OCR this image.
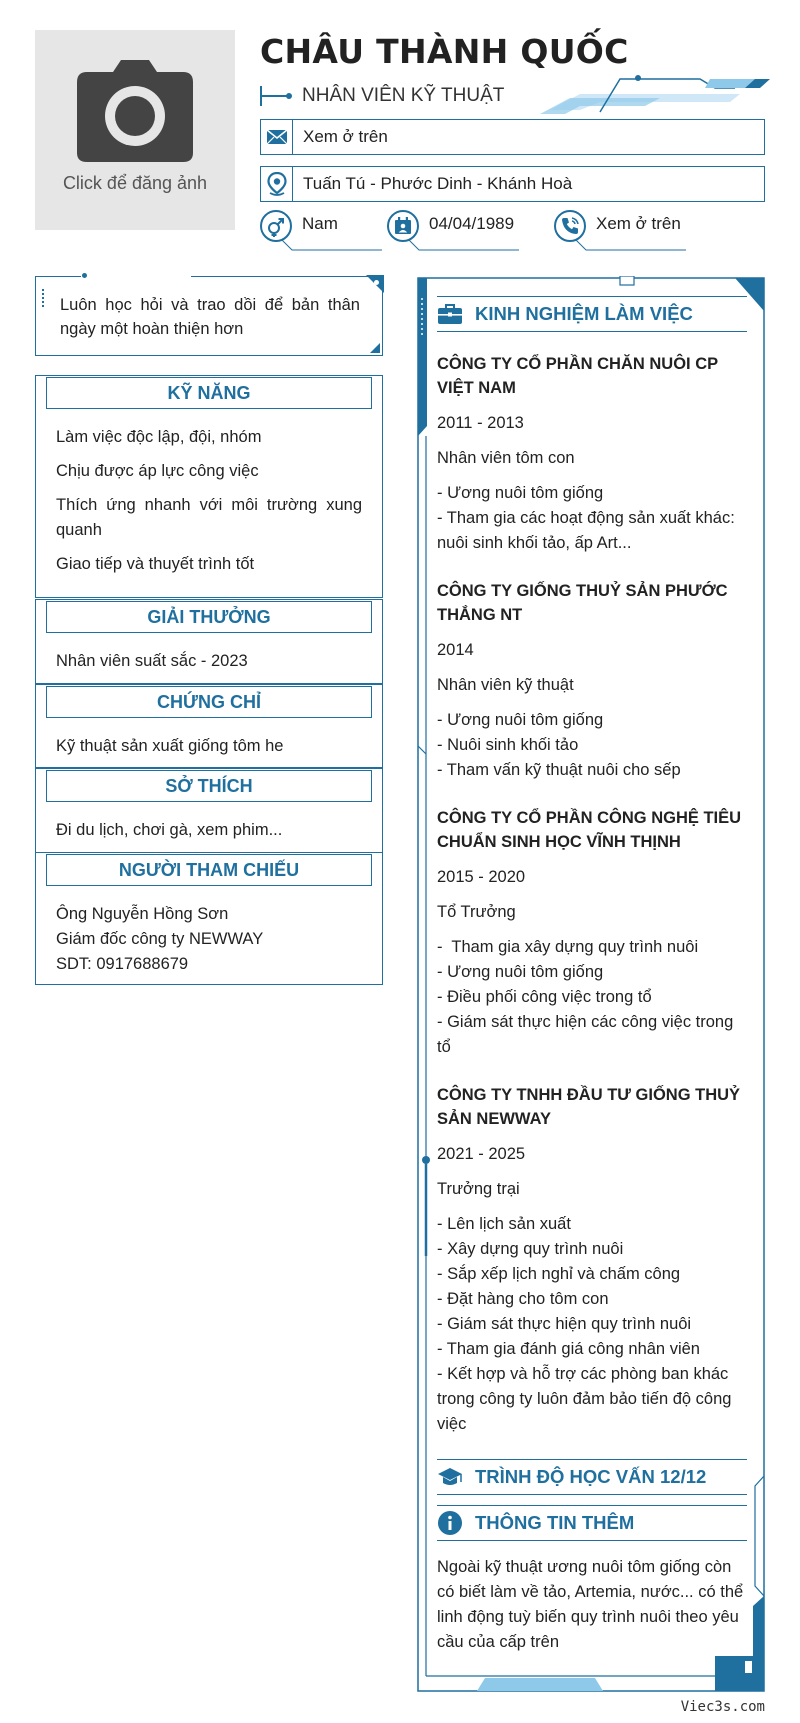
Click để đăng ảnh
CHÂU THÀNH QUỐC
NHÂN VIÊN KỸ THUẬT
Xem ở trên
Tuấn Tú - Phước Dinh - Khánh Hoà
Nam	04/04/1989	Xem ở trên
Luôn học hỏi và trao dồi để bản thân ngày một hoàn thiện hơn
KỸ NĂNG

Làm việc độc lập, đội, nhóm

Chịu được áp lực công việc

Thích ứng nhanh với môi trường xung quanh

Giao tiếp và thuyết trình tốt

GIẢI THƯỞNG

Nhân viên suất sắc - 2023

CHỨNG CHỈ

Kỹ thuật sản xuất giống tôm he

SỞ THÍCH

Đi du lịch, chơi gà, xem phim...

NGƯỜI THAM CHIẾU

Ông Nguyễn Hồng Sơn

Giám đốc công ty NEWWAY

SDT: 0917688679

KINH NGHIỆM LÀM VIỆC
CÔNG TY CỔ PHẦN CHĂN NUÔI CP VIỆT NAM
2011 - 2013
Nhân viên tôm con
- Ương nuôi tôm giống
- Tham gia các hoạt động sản xuất khác: nuôi sinh khối tảo, ấp Art...
CÔNG TY GIỐNG THUỶ SẢN PHƯỚC THẮNG NT
2014
Nhân viên kỹ thuật
- Ương nuôi tôm giống
- Nuôi sinh khối tảo
- Tham vấn kỹ thuật nuôi cho sếp
CÔNG TY CỔ PHẦN CÔNG NGHỆ TIÊU CHUẨN SINH HỌC VĨNH THỊNH
2015 - 2020
Tổ Trưởng
-  Tham gia xây dựng quy trình nuôi
- Ương nuôi tôm giống
- Điều phối công việc trong tổ
- Giám sát thực hiện các công việc trong tổ
CÔNG TY TNHH ĐẦU TƯ GIỐNG THUỶ SẢN NEWWAY
2021 - 2025
Trưởng trại
- Lên lịch sản xuất
- Xây dựng quy trình nuôi
- Sắp xếp lịch nghỉ và chấm công
- Đặt hàng cho tôm con
- Giám sát thực hiện quy trình nuôi
- Tham gia đánh giá công nhân viên
- Kết hợp và hỗ trợ các phòng ban khác trong công ty luôn đảm bảo tiến độ công việc
TRÌNH ĐỘ HỌC VẤN 12/12
THÔNG TIN THÊM
Ngoài kỹ thuật ương nuôi tôm giống còn có biết làm về tảo, Artemia, nước... có thể linh động tuỳ biến quy trình nuôi theo yêu cầu của cấp trên
Viec3s.com
